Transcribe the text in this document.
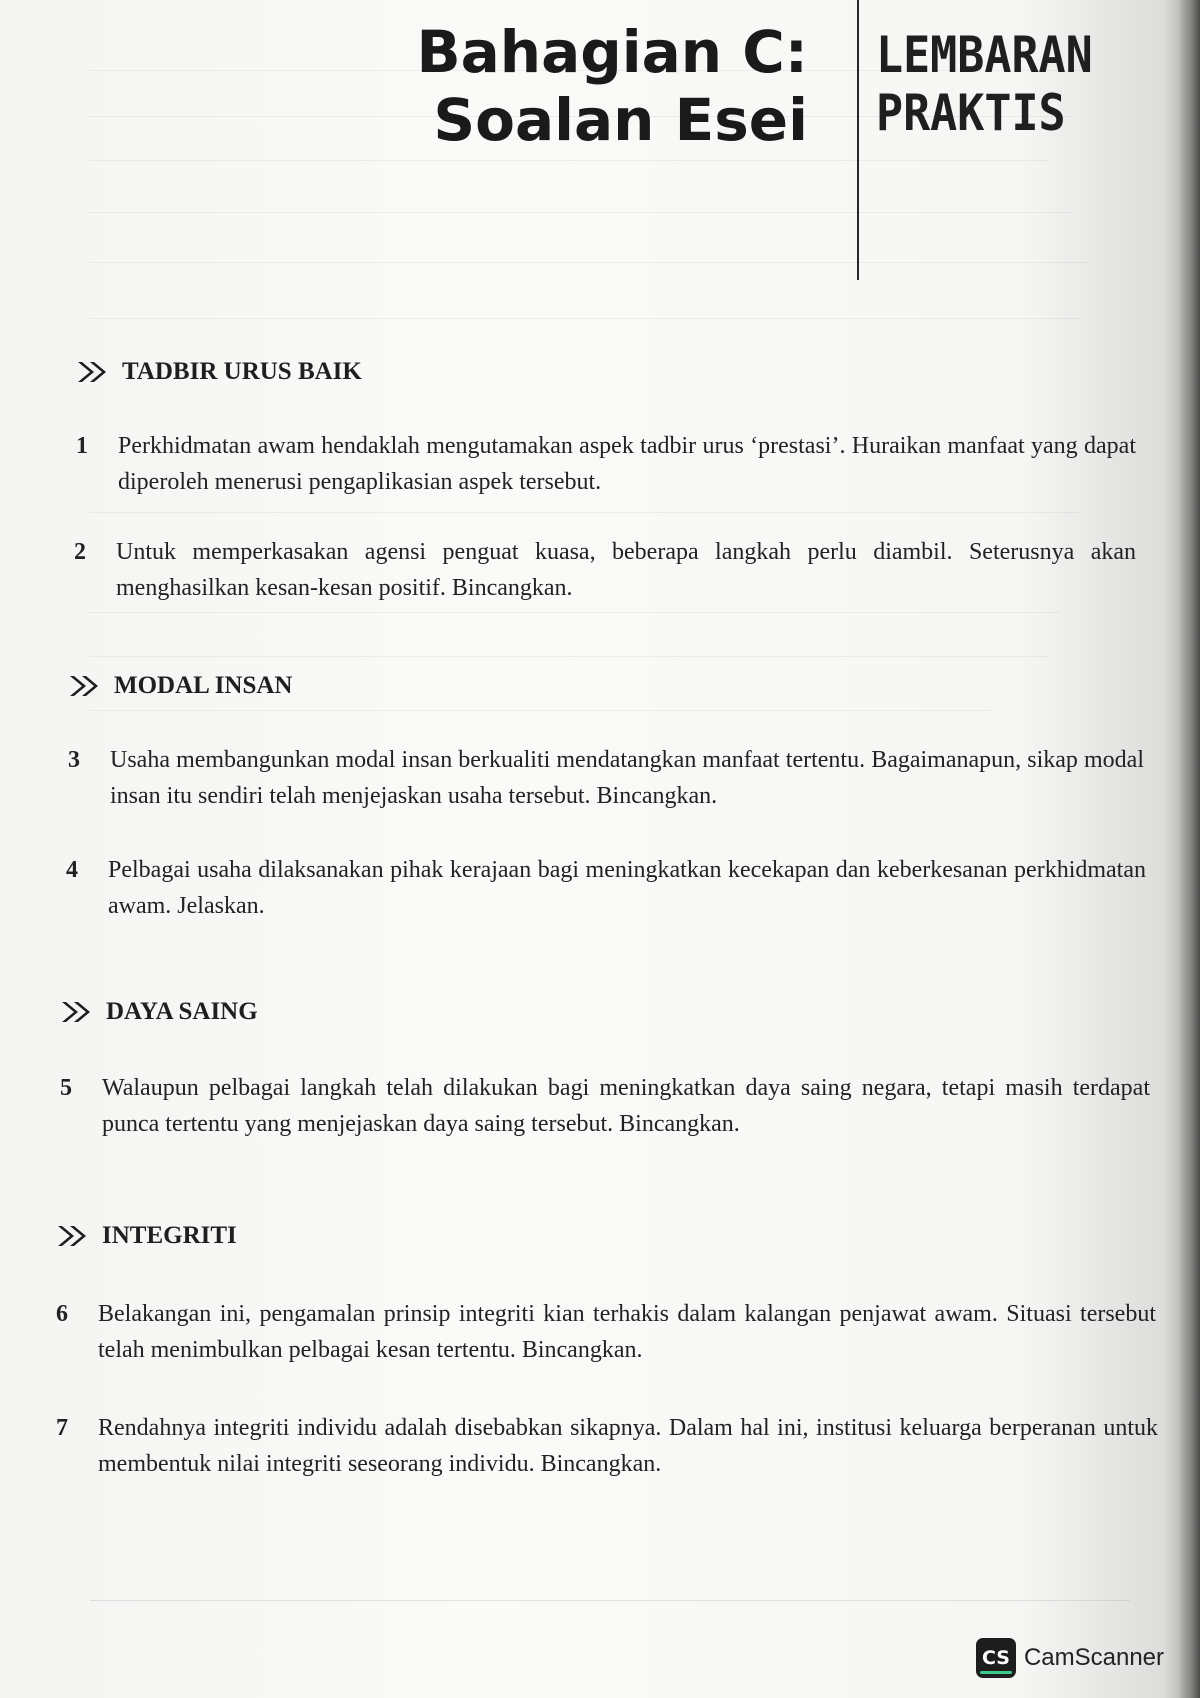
Bahagian C:
Soalan Esei
LEMBARAN
PRAKTIS
TADBIR URUS BAIK
1 Perkhidmatan awam hendaklah mengutamakan aspek tadbir urus ‘prestasi’. Huraikan manfaat yang dapat diperoleh menerusi pengaplikasian aspek tersebut.
2 Untuk memperkasakan agensi penguat kuasa, beberapa langkah perlu diambil. Seterusnya akan menghasilkan kesan-kesan positif. Bincangkan.
MODAL INSAN
3 Usaha membangunkan modal insan berkualiti mendatangkan manfaat tertentu. Bagaimanapun, sikap modal insan itu sendiri telah menjejaskan usaha tersebut. Bincangkan.
4 Pelbagai usaha dilaksanakan pihak kerajaan bagi meningkatkan kecekapan dan keberkesanan perkhidmatan awam. Jelaskan.
DAYA SAING
5 Walaupun pelbagai langkah telah dilakukan bagi meningkatkan daya saing negara, tetapi masih terdapat punca tertentu yang menjejaskan daya saing tersebut. Bincangkan.
INTEGRITI
6 Belakangan ini, pengamalan prinsip integriti kian terhakis dalam kalangan penjawat awam. Situasi tersebut telah menimbulkan pelbagai kesan tertentu. Bincangkan.
7 Rendahnya integriti individu adalah disebabkan sikapnya. Dalam hal ini, institusi keluarga berperanan untuk membentuk nilai integriti seseorang individu. Bincangkan.
CS CamScanner
